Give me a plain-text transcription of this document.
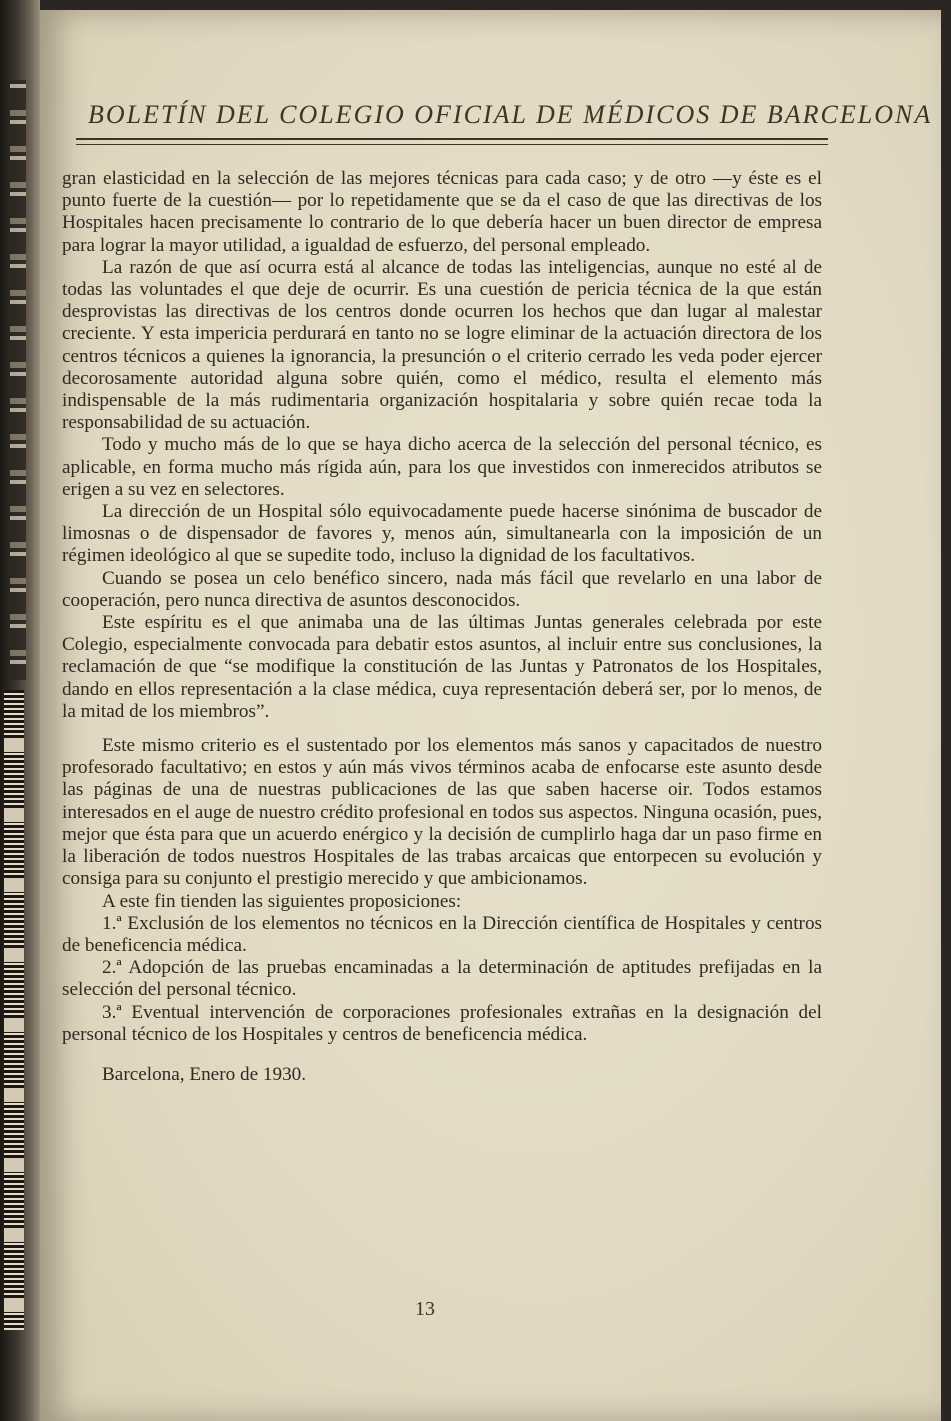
BOLETÍN DEL COLEGIO OFICIAL DE MÉDICOS DE BARCELONA

gran elasticidad en la selección de las mejores técnicas para cada caso; y de otro —y éste es el punto fuerte de la cuestión— por lo repetidamente que se da el caso de que las directivas de los Hospitales hacen precisamente lo contrario de lo que debería hacer un buen director de empresa para lograr la mayor utilidad, a igualdad de esfuerzo, del personal empleado.

La razón de que así ocurra está al alcance de todas las inteligencias, aunque no esté al de todas las voluntades el que deje de ocurrir. Es una cuestión de pericia técnica de la que están desprovistas las directivas de los centros donde ocurren los hechos que dan lugar al malestar creciente. Y esta impericia perdurará en tanto no se logre eliminar de la actuación directora de los centros técnicos a quienes la ignorancia, la presunción o el criterio cerrado les veda poder ejercer decorosamente autoridad alguna sobre quién, como el médico, resulta el elemento más indispensable de la más rudimentaria organización hospitalaria y sobre quién recae toda la responsabilidad de su actuación.

Todo y mucho más de lo que se haya dicho acerca de la selección del personal técnico, es aplicable, en forma mucho más rígida aún, para los que investidos con inmerecidos atributos se erigen a su vez en selectores.

La dirección de un Hospital sólo equivocadamente puede hacerse sinónima de buscador de limosnas o de dispensador de favores y, menos aún, simultanearla con la imposición de un régimen ideológico al que se supedite todo, incluso la dignidad de los facultativos.

Cuando se posea un celo benéfico sincero, nada más fácil que revelarlo en una labor de cooperación, pero nunca directiva de asuntos desconocidos.

Este espíritu es el que animaba una de las últimas Juntas generales celebrada por este Colegio, especialmente convocada para debatir estos asuntos, al incluir entre sus conclusiones, la reclamación de que “se modifique la constitución de las Juntas y Patronatos de los Hospitales, dando en ellos representación a la clase médica, cuya representación deberá ser, por lo menos, de la mitad de los miembros”.

Este mismo criterio es el sustentado por los elementos más sanos y capacitados de nuestro profesorado facultativo; en estos y aún más vivos términos acaba de enfocarse este asunto desde las páginas de una de nuestras publicaciones de las que saben hacerse oir. Todos estamos interesados en el auge de nuestro crédito profesional en todos sus aspectos. Ninguna ocasión, pues, mejor que ésta para que un acuerdo enérgico y la decisión de cumplirlo haga dar un paso firme en la liberación de todos nuestros Hospitales de las trabas arcaicas que entorpecen su evolución y consiga para su conjunto el prestigio merecido y que ambicionamos.

A este fin tienden las siguientes proposiciones:

1.ª Exclusión de los elementos no técnicos en la Dirección científica de Hospitales y centros de beneficencia médica.

2.ª Adopción de las pruebas encaminadas a la determinación de aptitudes prefijadas en la selección del personal técnico.

3.ª Eventual intervención de corporaciones profesionales extrañas en la designación del personal técnico de los Hospitales y centros de beneficencia médica.

Barcelona, Enero de 1930.

13
